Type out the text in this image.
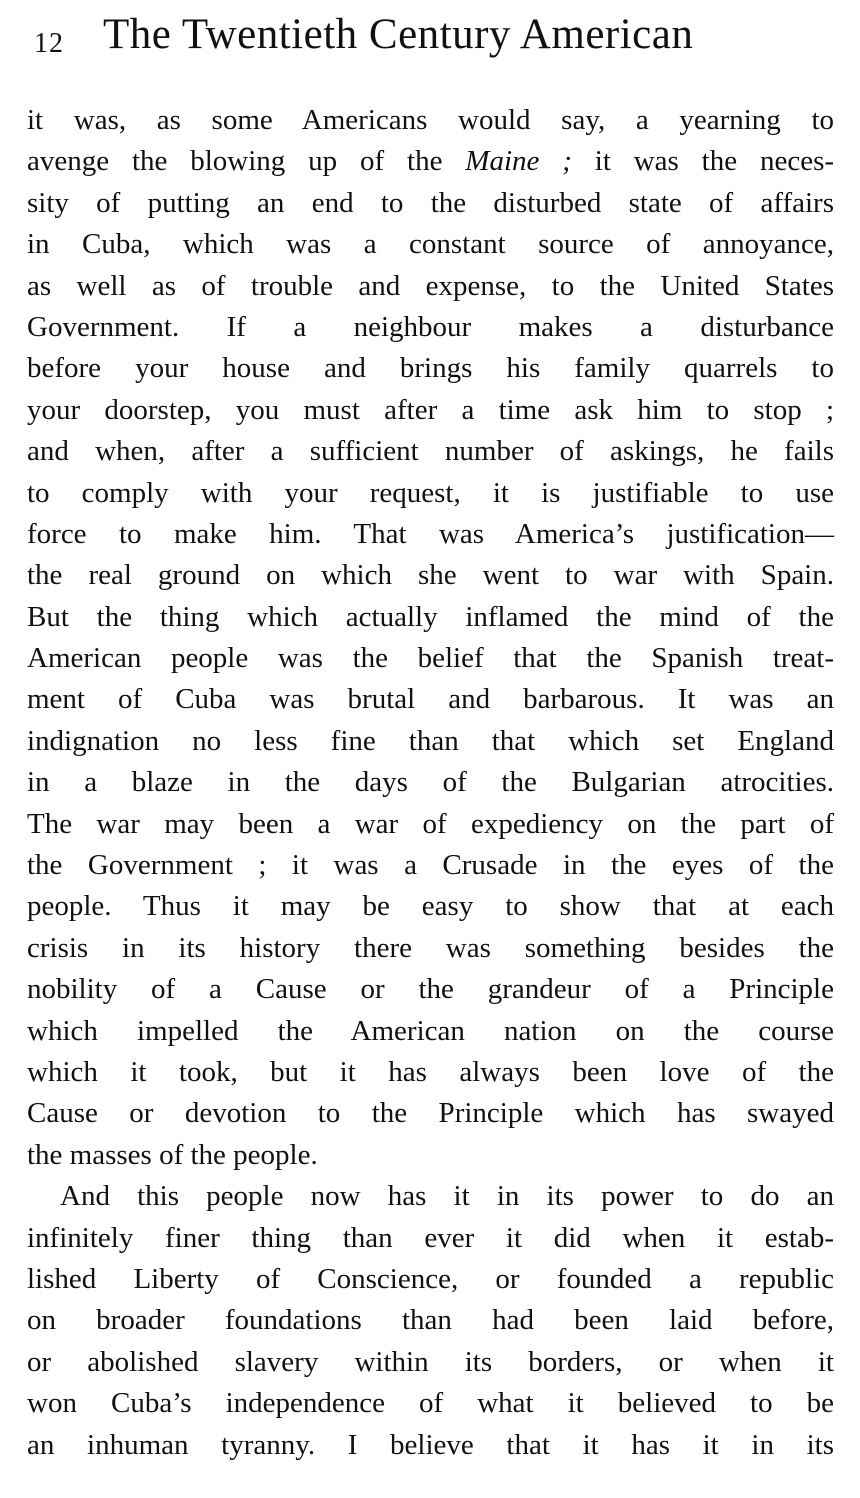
12 The Twentieth Century American
it was, as some Americans would say, a yearning to
avenge the blowing up of the Maine ; it was the neces-
sity of putting an end to the disturbed state of affairs
in Cuba, which was a constant source of annoyance,
as well as of trouble and expense, to the United States
Government. If a neighbour makes a disturbance
before your house and brings his family quarrels to
your doorstep, you must after a time ask him to stop ;
and when, after a sufficient number of askings, he fails
to comply with your request, it is justifiable to use
force to make him. That was America’s justification—
the real ground on which she went to war with Spain.
But the thing which actually inflamed the mind of the
American people was the belief that the Spanish treat-
ment of Cuba was brutal and barbarous. It was an
indignation no less fine than that which set England
in a blaze in the days of the Bulgarian atrocities.
The war may been a war of expediency on the part of
the Government ; it was a Crusade in the eyes of the
people. Thus it may be easy to show that at each
crisis in its history there was something besides the
nobility of a Cause or the grandeur of a Principle
which impelled the American nation on the course
which it took, but it has always been love of the
Cause or devotion to the Principle which has swayed
the masses of the people.
And this people now has it in its power to do an
infinitely finer thing than ever it did when it estab-
lished Liberty of Conscience, or founded a republic
on broader foundations than had been laid before,
or abolished slavery within its borders, or when it
won Cuba’s independence of what it believed to be
an inhuman tyranny. I believe that it has it in its
